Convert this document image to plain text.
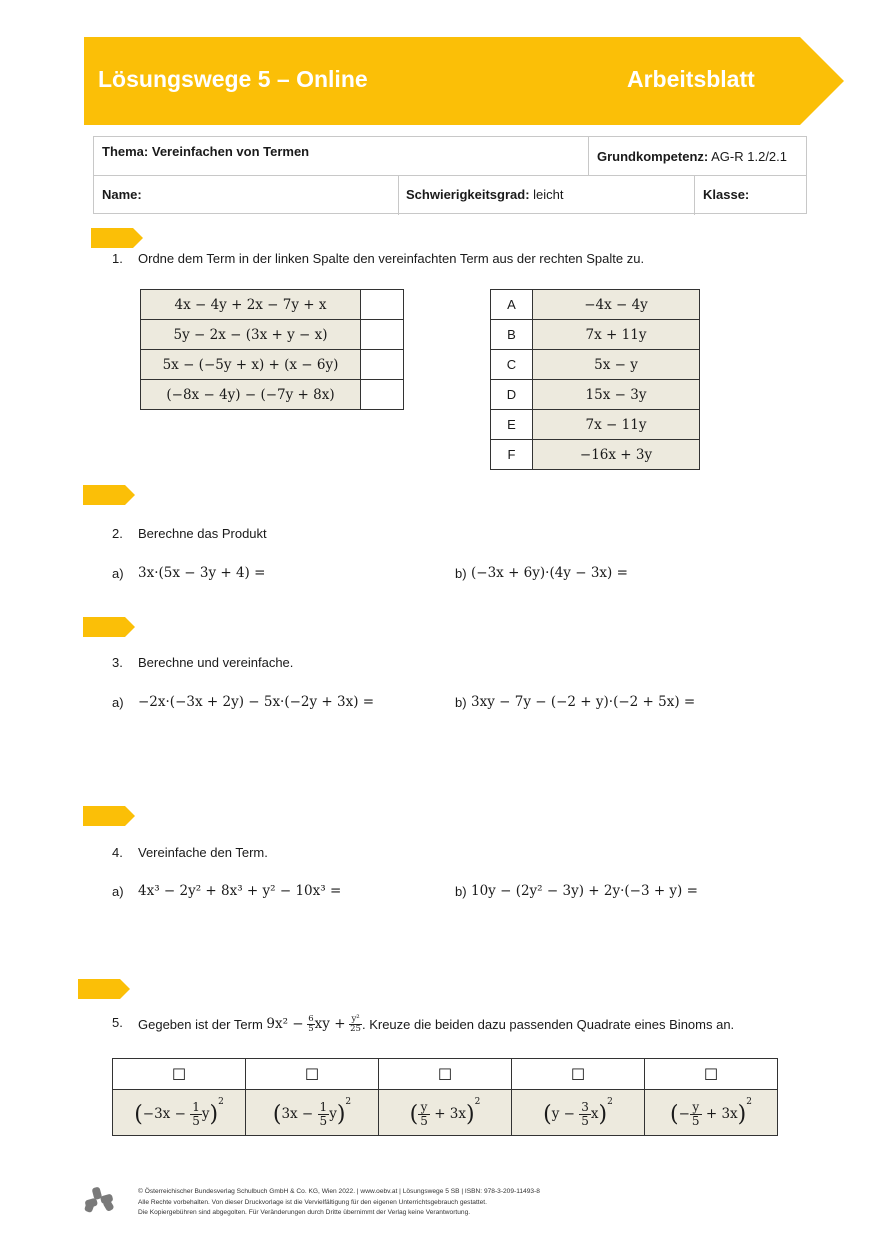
Lösungswege 5 – Online	Arbeitsblatt
Thema: Vereinfachen von Termen	Grundkompetenz: AG-R 1.2/2.1
Name:	Schwierigkeitsgrad: leicht	Klasse:
1. Ordne dem Term in der linken Spalte den vereinfachten Term aus der rechten Spalte zu.
4x − 4y + 2x − 7y + x	
5y − 2x − (3x + y − x)	
5x − (−5y + x) + (x − 6y)	
(−8x − 4y) − (−7y + 8x)	
A	−4x − 4y
B	7x + 11y
C	5x − y
D	15x − 3y
E	7x − 11y
F	−16x + 3y
2. Berechne das Produkt
a) 3x·(5x − 3y + 4) =	b) (−3x + 6y)·(4y − 3x) =
3. Berechne und vereinfache.
a) −2x·(−3x + 2y) − 5x·(−2y + 3x) =	b) 3xy − 7y − (−2 + y)·(−2 + 5x) =
4. Vereinfache den Term.
a) 4x³ − 2y² + 8x³ + y² − 10x³ =	b) 10y − (2y² − 3y) + 2y·(−3 + y) =
5. Gegeben ist der Term
9x² −
$\frac{6}{5}$ xy +
$\frac{\text{y²}}{25}$ . Kreuze die beiden dazu passenden Quadrate eines Binoms an.
☐	☐	☐	☐	☐
$(-3x - \frac{1}{5} y)^2$	$(3x - \frac{1}{5} y)^2$	( $\frac{y}{5} + 3x)^2$	$(y - \frac{3}{5} x)^2$	(− $\frac{y}{5} + 3x)^2$
© Österreichischer Bundesverlag Schulbuch GmbH & Co. KG, Wien 2022. | www.oebv.at | Lösungswege 5 SB | ISBN: 978-3-209-11493-8
Alle Rechte vorbehalten. Von dieser Druckvorlage ist die Vervielfältigung für den eigenen Unterrichtsgebrauch gestattet.
Die Kopiergebühren sind abgegolten. Für Veränderungen durch Dritte übernimmt der Verlag keine Verantwortung.
